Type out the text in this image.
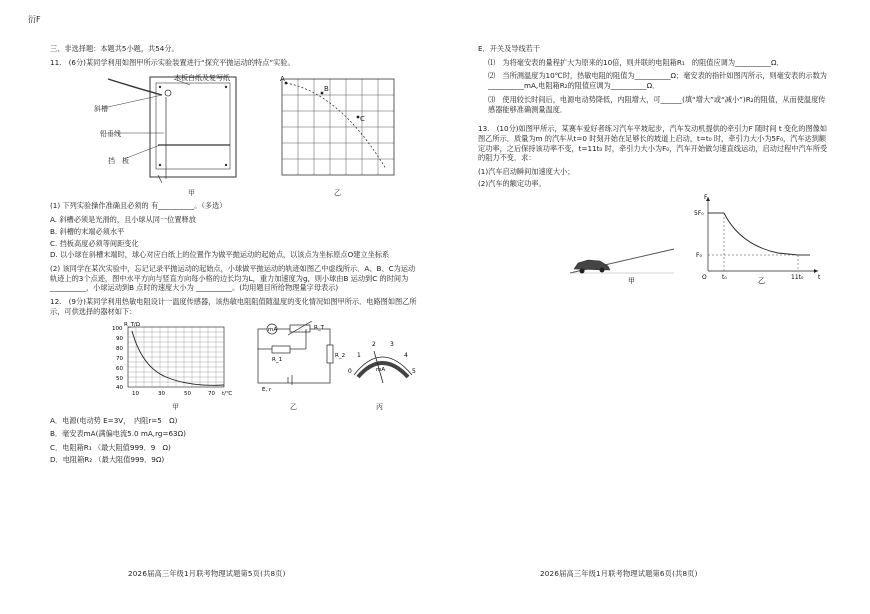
衍F

三、非选择题：本题共5小题，共54分。

11.　(6分)某同学利用如图甲所示实验装置进行“探究平抛运动的特点”实验。

木板白纸及复写纸
斜槽
铅垂线
挡　板
甲
A
B
C
乙

(1) 下列实验操作准确且必须的 有__________。（多选）

A. 斜槽必须是光滑的，且小球从同一位置释放

B. 斜槽的末端必须水平

C. 挡板高度必须等间距变化

D. 以小球在斜槽末端时，球心对应白纸上的位置作为做平抛运动的起始点，以该点为坐标原点O建立坐标系

(2) 该同学在某次实验中，忘记记录平抛运动的起始点，小球做平抛运动的轨迹如图乙中虚线所示．A、B、C为运动轨迹上的3个点迹，图中水平方向与竖直方向每小格的边长均为L，重力加速度为g，则小球由B 运动到C 的时间为__________，小球运动到B 点时的速度大小为 __________。(均用题目所给物理量字母表示)

12.　(9分)某同学利用热敏电阻设计一温度传感器，该热敏电阻阻值随温度的变化情况如图甲所示．电路图如图乙所示，可供选择的器材如下：

R_T/Ω
100
90
80
70
60
50
40
10	30	50	70 t/℃
mA	R_T
R_1
R_2
E, r
0
1
2 3
4
5
mA
甲	乙	丙

A．电源(电动势 E=3V，　内阻r=5　Ω)

B．毫安表mA(满偏电流5.0 mA,rg=63Ω)

C．电阻箱R₁ （最大阻值999．9　Ω)

D．电阻箱R₂ （最大阻值999．9Ω)

2026届高三年级1月联考物理试题第5页(共8页)

E．开关及导线若干

⑴　为将毫安表的量程扩大为原来的10倍，则并联的电阻箱R₁　的阻值应调为__________Ω．

⑵　当所测温度为10℃时，热敏电阻的阻值为__________Ω；毫安表的指针如图丙所示，则毫安表的示数为__________mA,电阻箱R₂的阻值应调为__________Ω．

⑶　使用较长时间后，电源电动势降低，内阻增大，可______(填“增大”或“减小”)R₂的阻值，从而使温度传感器能够准确测量温度．

13.　(10分)如图甲所示，某赛车爱好者练习汽车平坡起步，汽车发动机提供的牵引力F 随时间 t 变化的图像如图乙所示．质量为m 的汽车从t=0 时刻开始在足够长的坡道上启动，t=t₀ 时，牵引力大小为5F₀，汽车达到额定功率，之后保持该功率不变，t=11t₀ 时，牵引力大小为F₀，汽车开始做匀速直线运动，启动过程中汽车所受的阻力不变．求：

(1)汽车启动瞬间加速度大小；

(2)汽车的额定功率。

甲
F
5F₀
F₀
O	t₀	11t₀ t
乙
2026届高三年级1月联考物理试题第6页(共8页)
